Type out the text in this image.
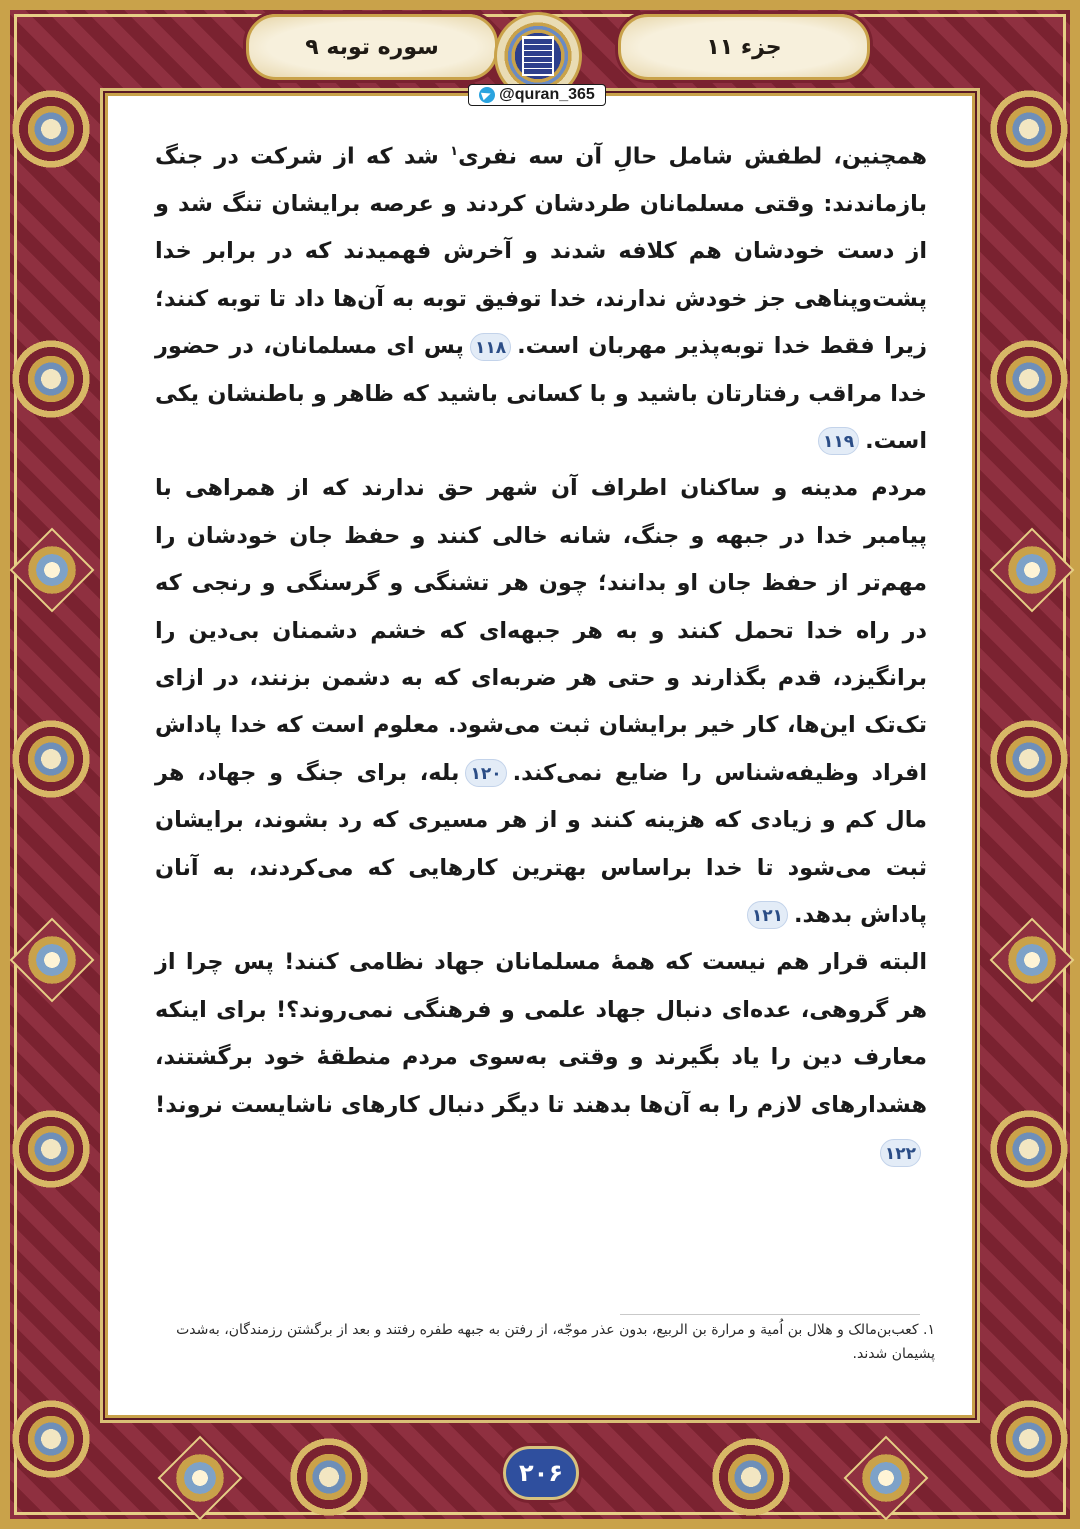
سوره توبه ۹	جزء ۱۱
@quran_365

همچنین، لطفش شامل حالِ آن سه نفری$^۱$ شد که از شرکت در جنگ بازماندند: وقتی مسلمانان طردشان کردند و عرصه برایشان تنگ شد و از دست خودشان هم کلافه شدند و آخرش فهمیدند که در برابر خدا پشت‌وپناهی جز خودش ندارند، خدا توفیق توبه به آن‌ها داد تا توبه کنند؛ زیرا فقط خدا توبه‌پذیر مهربان است.۱۱۸پس ای مسلمانان، در حضور خدا مراقب رفتارتان باشید و با کسانی باشید که ظاهر و باطنشان یکی است.۱۱۹

مردم مدینه و ساکنان اطراف آن شهر حق ندارند که از همراهی با پیامبر خدا در جبهه و جنگ، شانه خالی کنند و حفظ جان خودشان را مهم‌تر از حفظ جان او بدانند؛ چون هر تشنگی و گرسنگی و رنجی که در راه خدا تحمل کنند و به هر جبهه‌ای که خشم دشمنان بی‌دین را برانگیزد، قدم بگذارند و حتی هر ضربه‌ای که به دشمن بزنند، در ازای تک‌تک این‌ها، کار خیر برایشان ثبت می‌شود. معلوم است که خدا پاداش افراد وظیفه‌شناس را ضایع نمی‌کند.۱۲۰بله، برای جنگ و جهاد، هر مال کم و زیادی که هزینه کنند و از هر مسیری که رد بشوند، برایشان ثبت می‌شود تا خدا براساس بهترین کارهایی که می‌کردند، به آنان پاداش بدهد.۱۲۱

البته قرار هم نیست که همهٔ مسلمانان جهاد نظامی کنند! پس چرا از هر گروهی، عده‌ای دنبال جهاد علمی و فرهنگی نمی‌روند؟! برای اینکه معارف دین را یاد بگیرند و وقتی به‌سوی مردم منطقهٔ خود برگشتند، هشدارهای لازم را به آن‌ها بدهند تا دیگر دنبال کارهای ناشایست نروند!۱۲۲

۱. کعب‌بن‌مالک و هلال بن اُمیة و مرارة بن الربیع، بدون عذر موجّه، از رفتن به جبهه طفره رفتند و بعد از برگشتن رزمندگان، به‌شدت پشیمان شدند.
۲۰۶
